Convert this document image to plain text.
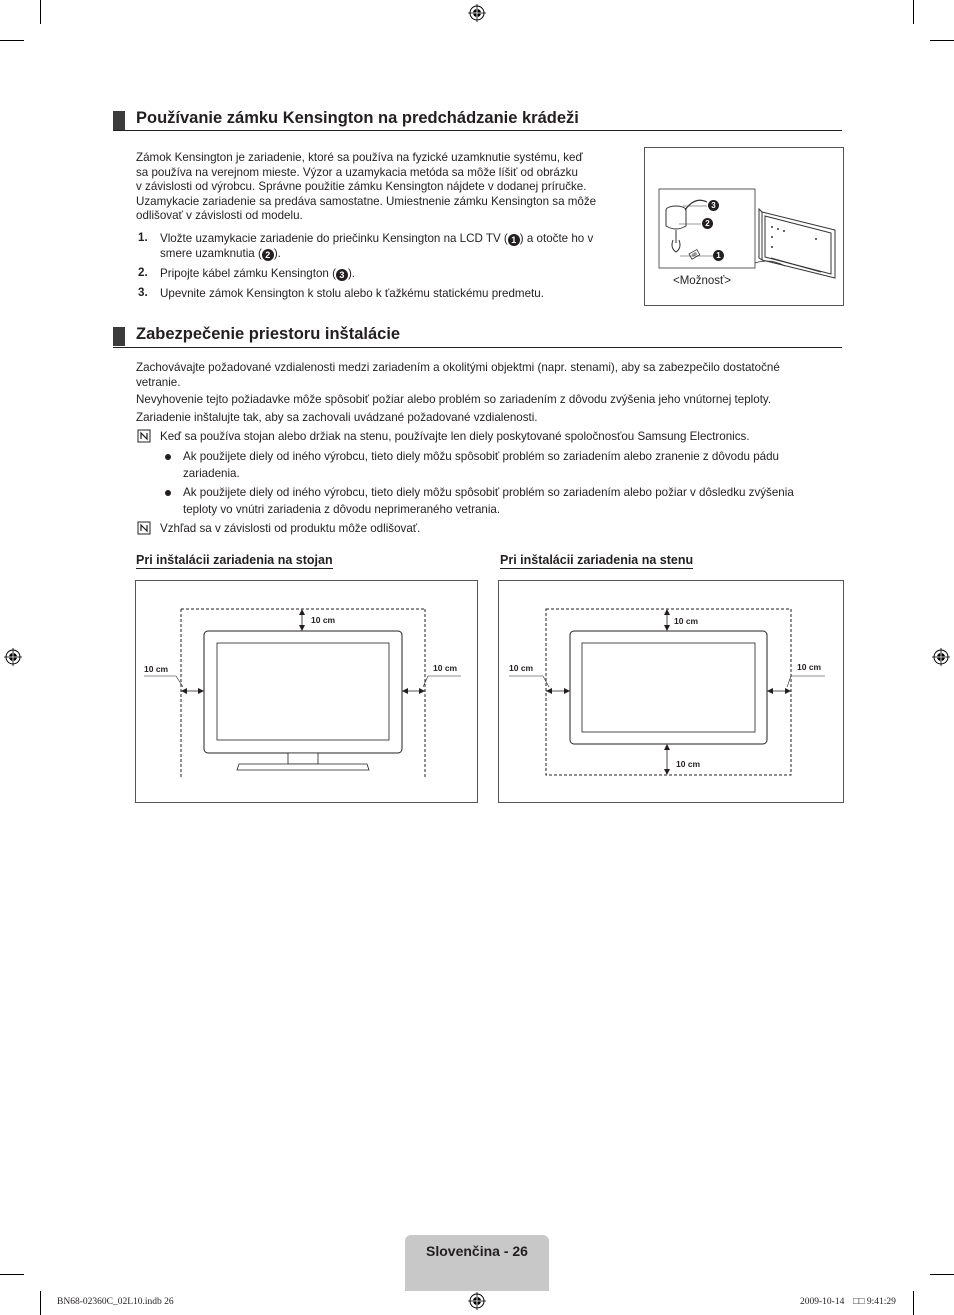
Používanie zámku Kensington na predchádzanie krádeži
Zámok Kensington je zariadenie, ktoré sa používa na fyzické uzamknutie systému, keď
sa používa na verejnom mieste. Výzor a uzamykacia metóda sa môže líšiť od obrázku
v závislosti od výrobcu. Správne použitie zámku Kensington nájdete v dodanej príručke.
Uzamykacie zariadenie sa predáva samostatne. Umiestnenie zámku Kensington sa môže
odlišovať v závislosti od modelu.
1. Vložte uzamykacie zariadenie do priečinku Kensington na LCD TV ( 1 ) a otočte ho v
smere uzamknutia ( 2 ).
2. Pripojte kábel zámku Kensington ( 3 ).
3. Upevnite zámok Kensington k stolu alebo k ťažkému statickému predmetu.
3
2
1
<Možnosť>
Zabezpečenie priestoru inštalácie
Zachovávajte požadované vzdialenosti medzi zariadením a okolitými objektmi (napr. stenami), aby sa zabezpečilo dostatočné
vetranie.
Nevyhovenie tejto požiadavke môže spôsobiť požiar alebo problém so zariadením z dôvodu zvýšenia jeho vnútornej teploty.
Zariadenie inštalujte tak, aby sa zachovali uvádzané požadované vzdialenosti.
Keď sa používa stojan alebo držiak na stenu, používajte len diely poskytované spoločnosťou Samsung Electronics.
Ak použijete diely od iného výrobcu, tieto diely môžu spôsobiť problém so zariadením alebo zranenie z dôvodu pádu
zariadenia.
Ak použijete diely od iného výrobcu, tieto diely môžu spôsobiť problém so zariadením alebo požiar v dôsledku zvýšenia
teploty vo vnútri zariadenia z dôvodu neprimeraného vetrania.
Vzhľad sa v závislosti od produktu môže odlišovať.
Pri inštalácii zariadenia na stojan	Pri inštalácii zariadenia na stenu
10 cm
10 cm	10 cm
10 cm
10 cm	10 cm
10 cm
Slovenčina - 26
BN68-02360C_02L10.indb 26	2009-10-14 □□ 9:41:29
